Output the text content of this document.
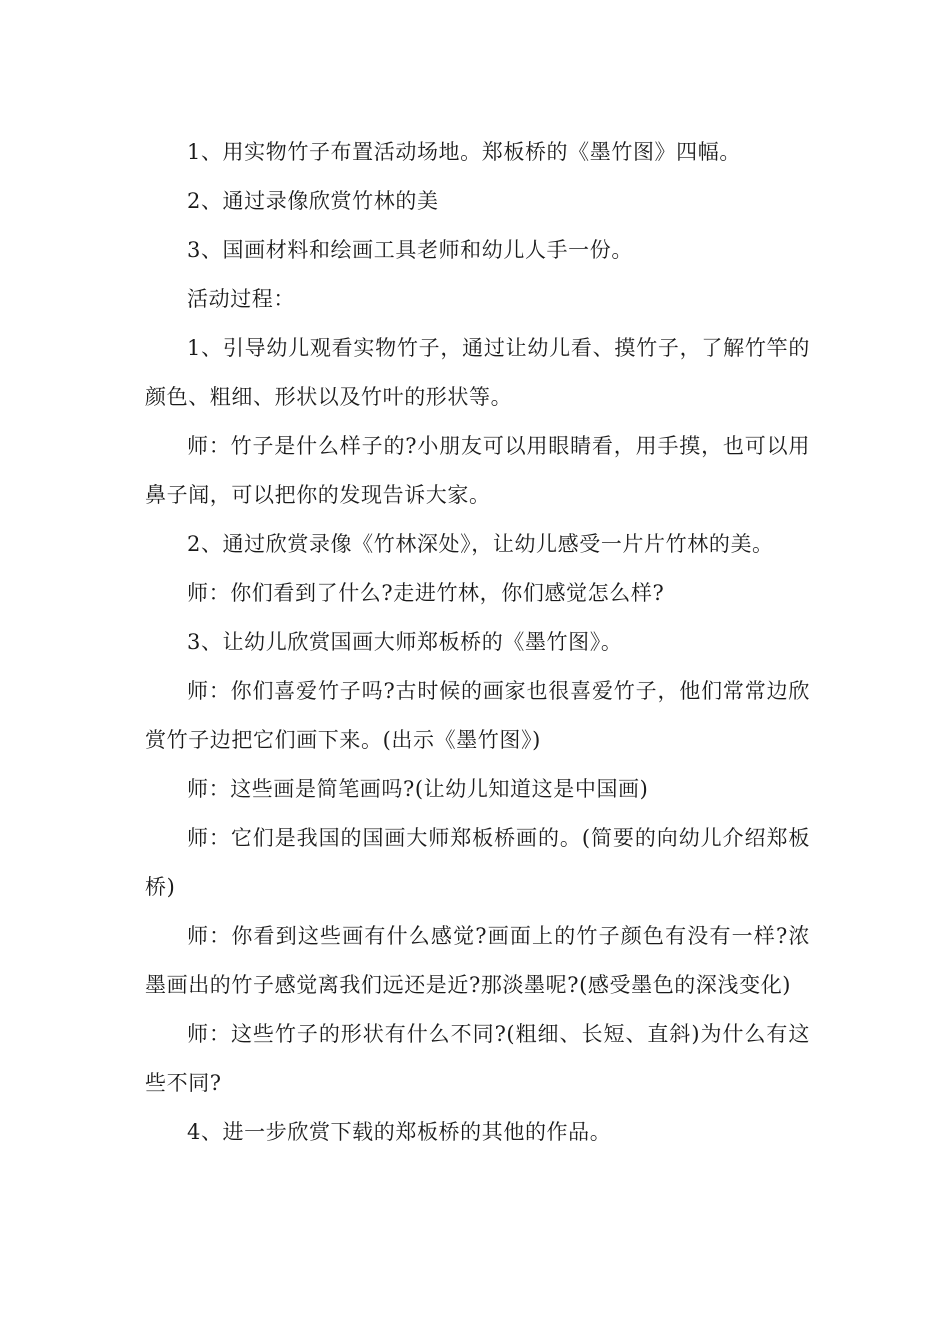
1、用实物竹子布置活动场地。郑板桥的《墨竹图》四幅。

2、通过录像欣赏竹林的美

3、国画材料和绘画工具老师和幼儿人手一份。

活动过程：

1、引导幼儿观看实物竹子，通过让幼儿看、摸竹子，了解竹竿的颜色、粗细、形状以及竹叶的形状等。

师：竹子是什么样子的?小朋友可以用眼睛看，用手摸，也可以用鼻子闻，可以把你的发现告诉大家。

2、通过欣赏录像《竹林深处》，让幼儿感受一片片竹林的美。

师：你们看到了什么?走进竹林，你们感觉怎么样?

3、让幼儿欣赏国画大师郑板桥的《墨竹图》。

师：你们喜爱竹子吗?古时候的画家也很喜爱竹子，他们常常边欣赏竹子边把它们画下来。(出示《墨竹图》)

师：这些画是简笔画吗?(让幼儿知道这是中国画)

师：它们是我国的国画大师郑板桥画的。(简要的向幼儿介绍郑板桥)

师：你看到这些画有什么感觉?画面上的竹子颜色有没有一样?浓墨画出的竹子感觉离我们远还是近?那淡墨呢?(感受墨色的深浅变化)

师：这些竹子的形状有什么不同?(粗细、长短、直斜)为什么有这些不同?

4、进一步欣赏下载的郑板桥的其他的作品。
